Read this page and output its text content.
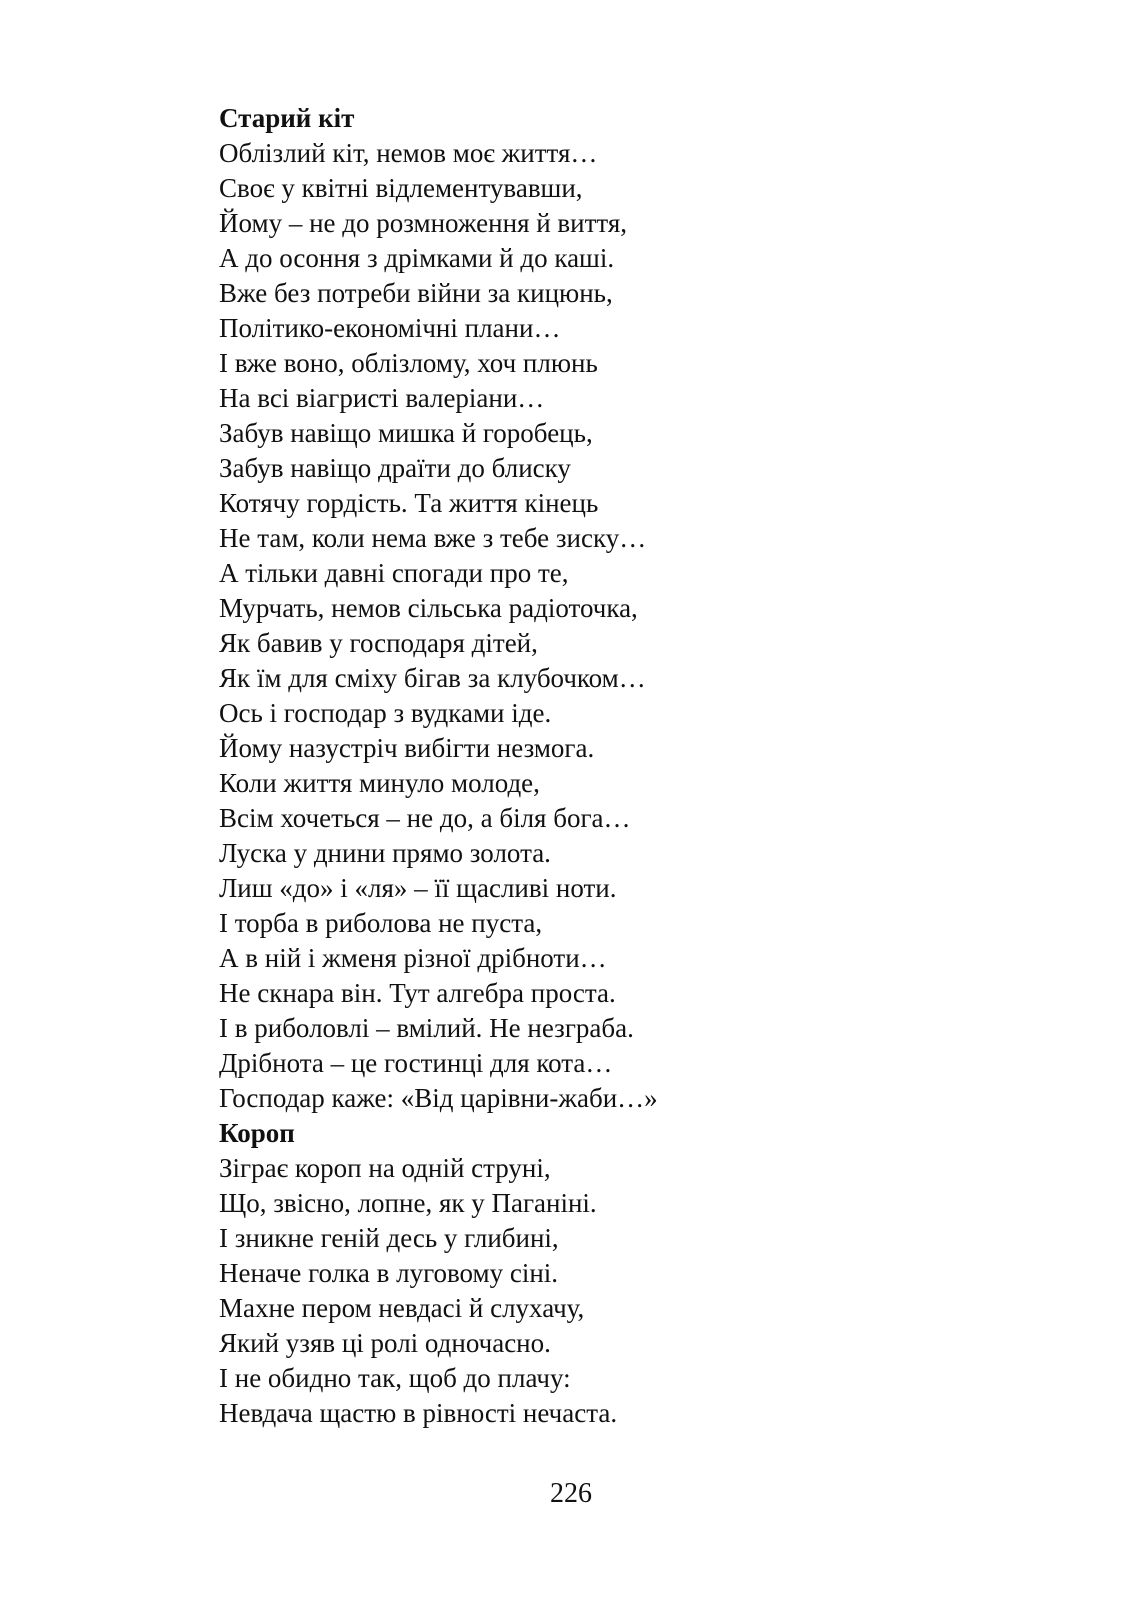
Старий кіт
Облізлий кіт, немов моє життя…
Своє у квітні відлементувавши,
Йому – не до розмноження й виття,
А до осоння з дрімками й до каші.
Вже без потреби війни за кицюнь,
Політико-економічні плани…
І вже воно, облізлому, хоч плюнь
На всі віагристі валеріани…
Забув навіщо мишка й горобець,
Забув навіщо драїти до блиску
Котячу гордість. Та життя кінець
Не там, коли нема вже з тебе зиску…
А тільки давні спогади про те,
Мурчать, немов сільська радіоточка,
Як бавив у господаря дітей,
Як їм для сміху бігав за клубочком…
Ось і господар з вудками іде.
Йому назустріч вибігти незмога.
Коли життя минуло молоде,
Всім хочеться – не до, а біля бога…
Луска у днини прямо золота.
Лиш «до» і «ля» – її щасливі ноти.
І торба в риболова не пуста,
А в ній і жменя різної дрібноти…
Не скнара він. Тут алгебра проста.
І в риболовлі – вмілий. Не незграба.
Дрібнота – це гостинці для кота…
Господар каже: «Від царівни-жаби…»
Короп
Зіграє короп на одній струні,
Що, звісно, лопне, як у Паганіні.
І зникне геній десь у глибині,
Неначе голка в луговому сіні.
Махне пером невдасі й слухачу,
Який узяв ці ролі одночасно.
І не обидно так, щоб до плачу:
Невдача щастю в рівності нечаста.
226
